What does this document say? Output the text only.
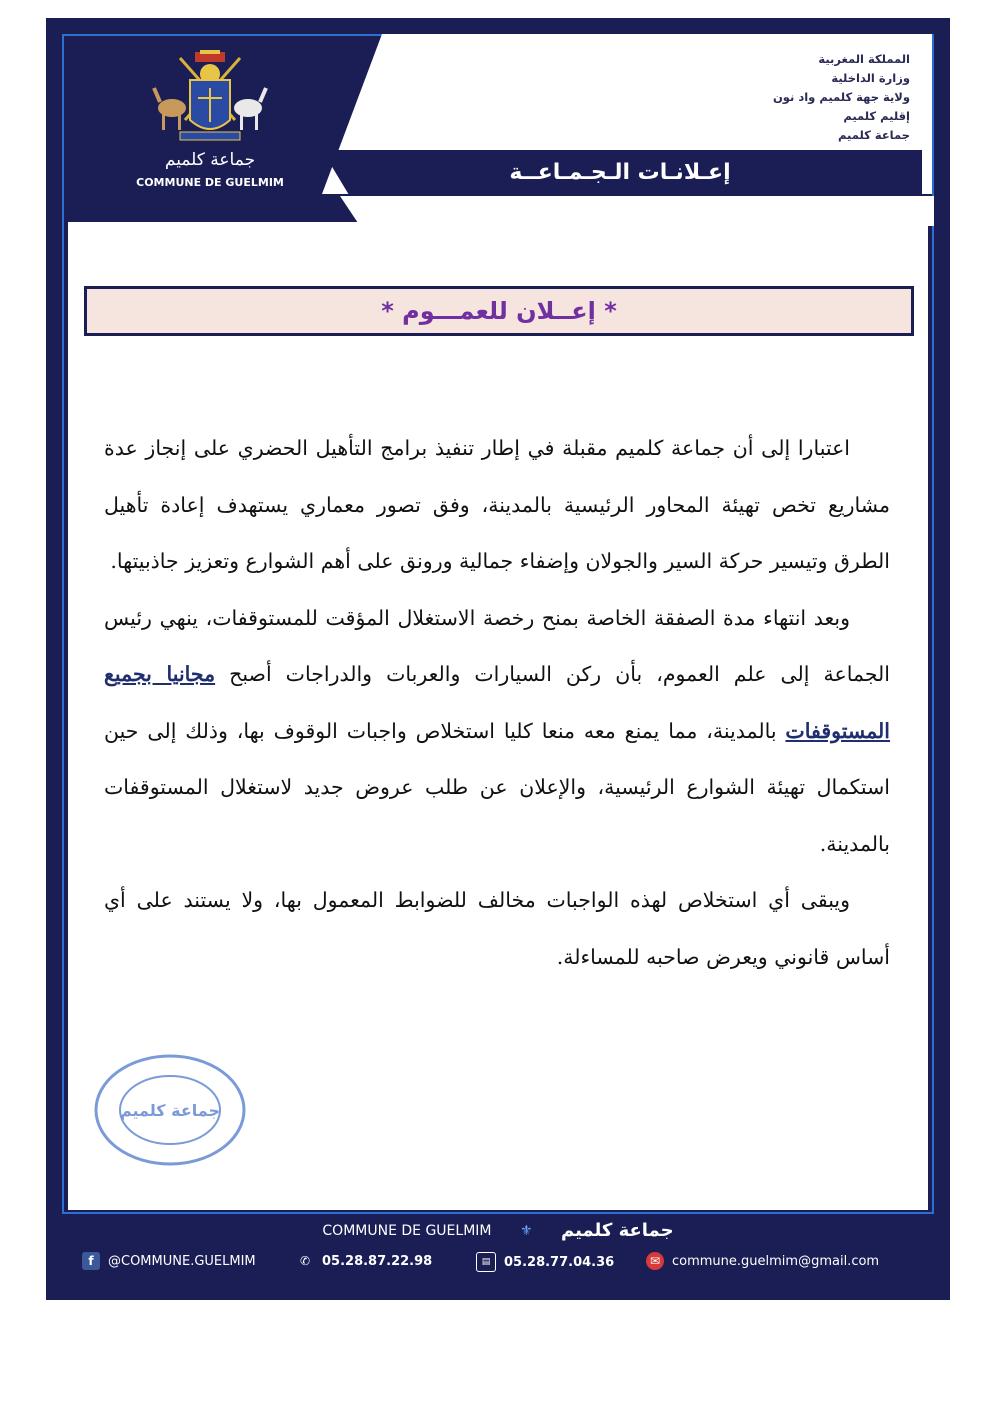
المملكة المغربية
وزارة الداخلية
ولاية جهة كلميم واد نون
إقليم كلميم
جماعة كلميم
إعـلانـات الـجـمـاعــة
جماعة كلميم
COMMUNE DE GUELMIM
* إعــلان للعمـــوم *

اعتبارا إلى أن جماعة كلميم مقبلة في إطار تنفيذ برامج التأهيل الحضري على إنجاز عدة مشاريع تخص تهيئة المحاور الرئيسية بالمدينة، وفق تصور معماري يستهدف إعادة تأهيل الطرق وتيسير حركة السير والجولان وإضفاء جمالية ورونق على أهم الشوارع وتعزيز جاذبيتها.

وبعد انتهاء مدة الصفقة الخاصة بمنح رخصة الاستغلال المؤقت للمستوقفات، ينهي رئيس الجماعة إلى علم العموم، بأن ركن السيارات والعربات والدراجات أصبح مجانيا بجميع المستوقفات بالمدينة، مما يمنع معه منعا كليا استخلاص واجبات الوقوف بها، وذلك إلى حين استكمال تهيئة الشوارع الرئيسية، والإعلان عن طلب عروض جديد لاستغلال المستوقفات بالمدينة.

ويبقى أي استخلاص لهذه الواجبات مخالف للضوابط المعمول بها، ولا يستند على أي أساس قانوني ويعرض صاحبه للمساءلة.

جماعة كلميم
COMMUNE DE GUELMIM ⚜ جماعة كلميم
f	@COMMUNE.GUELMIM	✆ 05.28.87.22.98	▤	05.28.77.04.36	✉ commune.guelmim@gmail.com
